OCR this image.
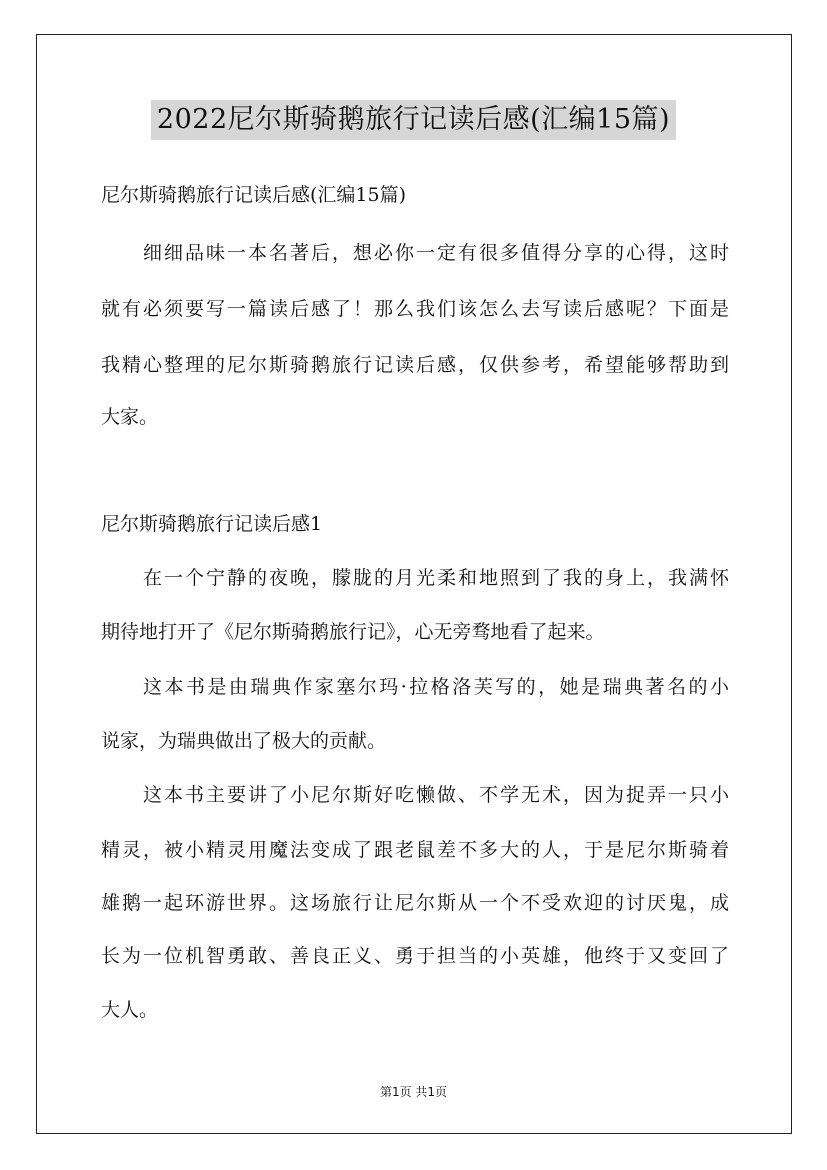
2022尼尔斯骑鹅旅行记读后感(汇编15篇)
尼尔斯骑鹅旅行记读后感(汇编15篇)
细细品味一本名著后，想必你一定有很多值得分享的心得，这时
就有必须要写一篇读后感了！那么我们该怎么去写读后感呢？下面是
我精心整理的尼尔斯骑鹅旅行记读后感，仅供参考，希望能够帮助到
大家。
尼尔斯骑鹅旅行记读后感1
在一个宁静的夜晚，朦胧的月光柔和地照到了我的身上，我满怀
期待地打开了《尼尔斯骑鹅旅行记》，心无旁骛地看了起来。
这本书是由瑞典作家塞尔玛·拉格洛芙写的，她是瑞典著名的小
说家，为瑞典做出了极大的贡献。
这本书主要讲了小尼尔斯好吃懒做、不学无术，因为捉弄一只小
精灵，被小精灵用魔法变成了跟老鼠差不多大的人，于是尼尔斯骑着
雄鹅一起环游世界。这场旅行让尼尔斯从一个不受欢迎的讨厌鬼，成
长为一位机智勇敢、善良正义、勇于担当的小英雄，他终于又变回了
大人。
第1页 共1页
